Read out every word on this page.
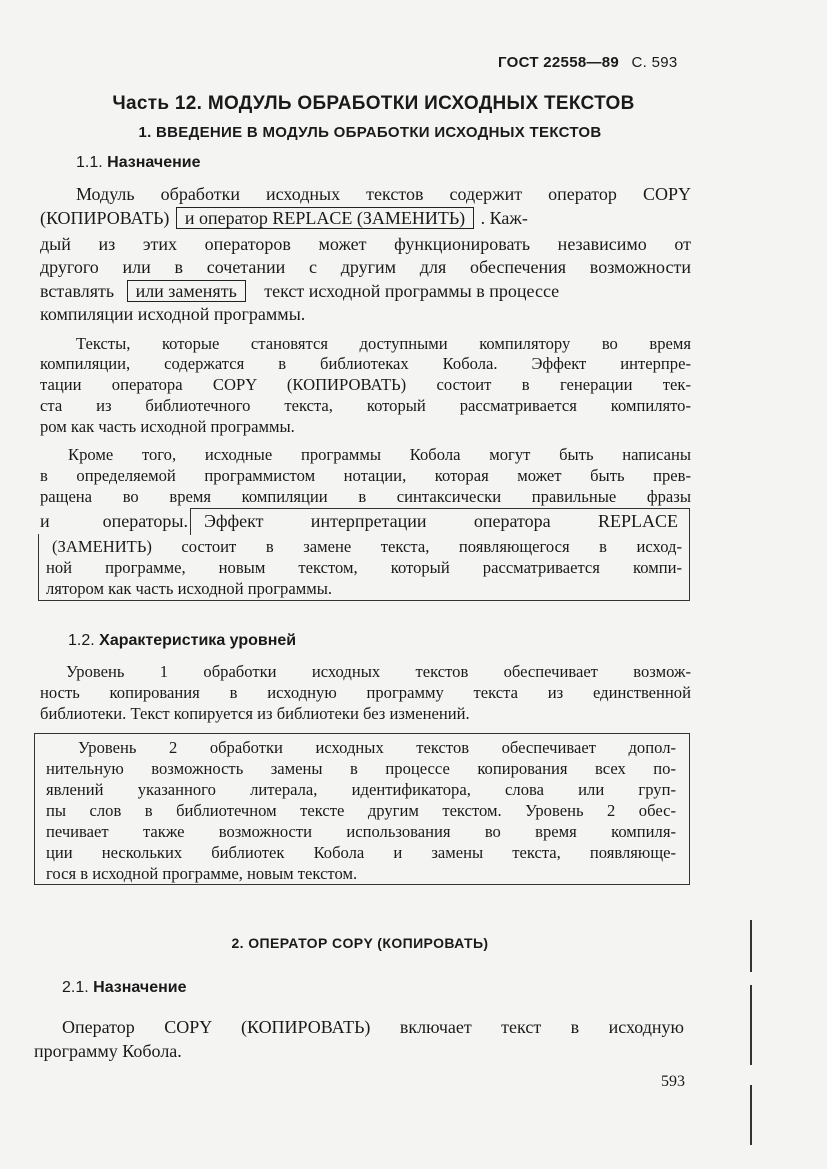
ГОСТ 22558—89 С. 593
Часть 12. МОДУЛЬ ОБРАБОТКИ ИСХОДНЫХ ТЕКСТОВ
1. ВВЕДЕНИЕ В МОДУЛЬ ОБРАБОТКИ ИСХОДНЫХ ТЕКСТОВ
1.1. Назначение
Модуль обработки исходных текстов содержит оператор COPY
(КОПИРОВАТЬ) и оператор REPLACE (ЗАМЕНИТЬ) . Каж-
дый из этих операторов может функционировать независимо от
другого или в сочетании с другим для обеспечения возможности
вставлять или заменять текст исходной программы в процессе
компиляции исходной программы.
Тексты, которые становятся доступными компилятору во время
компиляции, содержатся в библиотеках Кобола. Эффект интерпре-
тации оператора COPY (КОПИРОВАТЬ) состоит в генерации тек-
ста из библиотечного текста, который рассматривается компилято-
ром как часть исходной программы.
Кроме того, исходные программы Кобола могут быть написаны
в определяемой программистом нотации, которая может быть прев-
ращена во время компиляции в синтаксически правильные фразы
и операторы. Эффект интерпретации оператора REPLACE
(ЗАМЕНИТЬ) состоит в замене текста, появляющегося в исход-
ной программе, новым текстом, который рассматривается компи-
лятором как часть исходной программы.
1.2. Характеристика уровней
Уровень 1 обработки исходных текстов обеспечивает возмож-
ность копирования в исходную программу текста из единственной
библиотеки. Текст копируется из библиотеки без изменений.
Уровень 2 обработки исходных текстов обеспечивает допол-
нительную возможность замены в процессе копирования всех по-
явлений указанного литерала, идентификатора, слова или груп-
пы слов в библиотечном тексте другим текстом. Уровень 2 обес-
печивает также возможности использования во время компиля-
ции нескольких библиотек Кобола и замены текста, появляюще-
гося в исходной программе, новым текстом.
2. ОПЕРАТОР COPY (КОПИРОВАТЬ)
2.1. Назначение
Оператор COPY (КОПИРОВАТЬ) включает текст в исходную
программу Кобола.
593
